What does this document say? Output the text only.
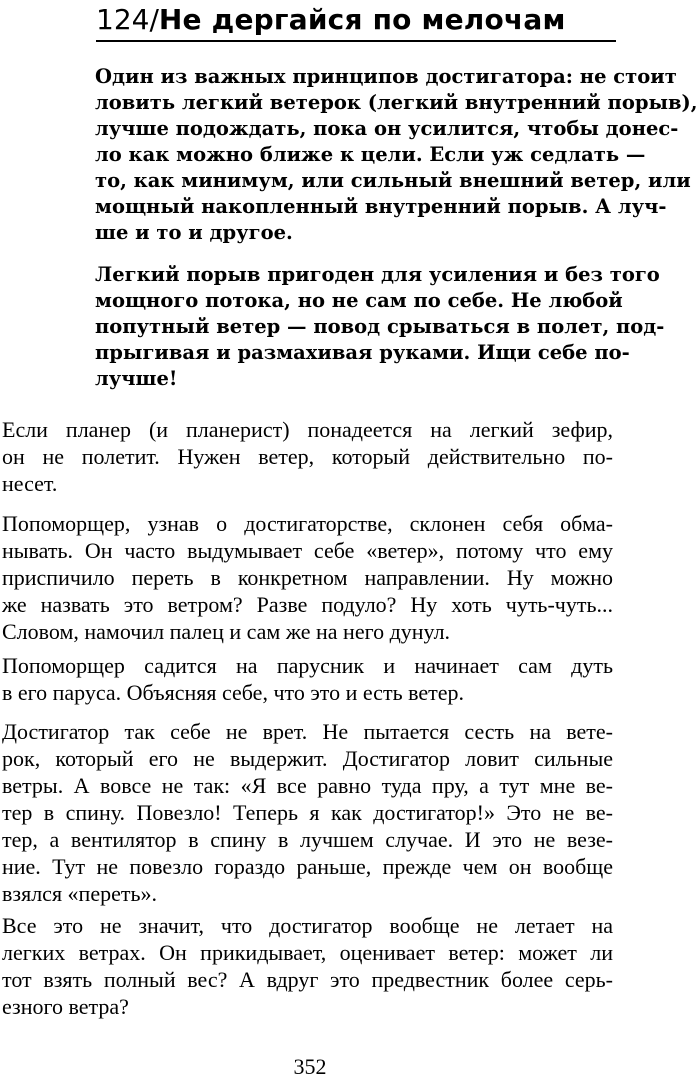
124/Не дергайся по мелочам
Один из важных принципов достигатора: не стоит
ловить легкий ветерок (легкий внутренний порыв),
лучше подождать, пока он усилится, чтобы донес-
ло как можно ближе к цели. Если уж седлать —
то, как минимум, или сильный внешний ветер, или
мощный накопленный внутренний порыв. А луч-
ше и то и другое.
Легкий порыв пригоден для усиления и без того
мощного потока, но не сам по себе. Не любой
попутный ветер — повод срываться в полет, под-
прыгивая и размахивая руками. Ищи себе по-
лучше!
Если планер (и планерист) понадеется на легкий зефир,
он не полетит. Нужен ветер, который действительно по-
несет.
Попоморщер, узнав о достигаторстве, склонен себя обма-
нывать. Он часто выдумывает себе «ветер», потому что ему
приспичило переть в конкретном направлении. Ну можно
же назвать это ветром? Разве подуло? Ну хоть чуть-чуть...
Словом, намочил палец и сам же на него дунул.
Попоморщер садится на парусник и начинает сам дуть
в его паруса. Объясняя себе, что это и есть ветер.
Достигатор так себе не врет. Не пытается сесть на вете-
рок, который его не выдержит. Достигатор ловит сильные
ветры. А вовсе не так: «Я все равно туда пру, а тут мне ве-
тер в спину. Повезло! Теперь я как достигатор!» Это не ве-
тер, а вентилятор в спину в лучшем случае. И это не везе-
ние. Тут не повезло гораздо раньше, прежде чем он вообще
взялся «переть».
Все это не значит, что достигатор вообще не летает на
легких ветрах. Он прикидывает, оценивает ветер: может ли
тот взять полный вес? А вдруг это предвестник более серь-
езного ветра?
352
